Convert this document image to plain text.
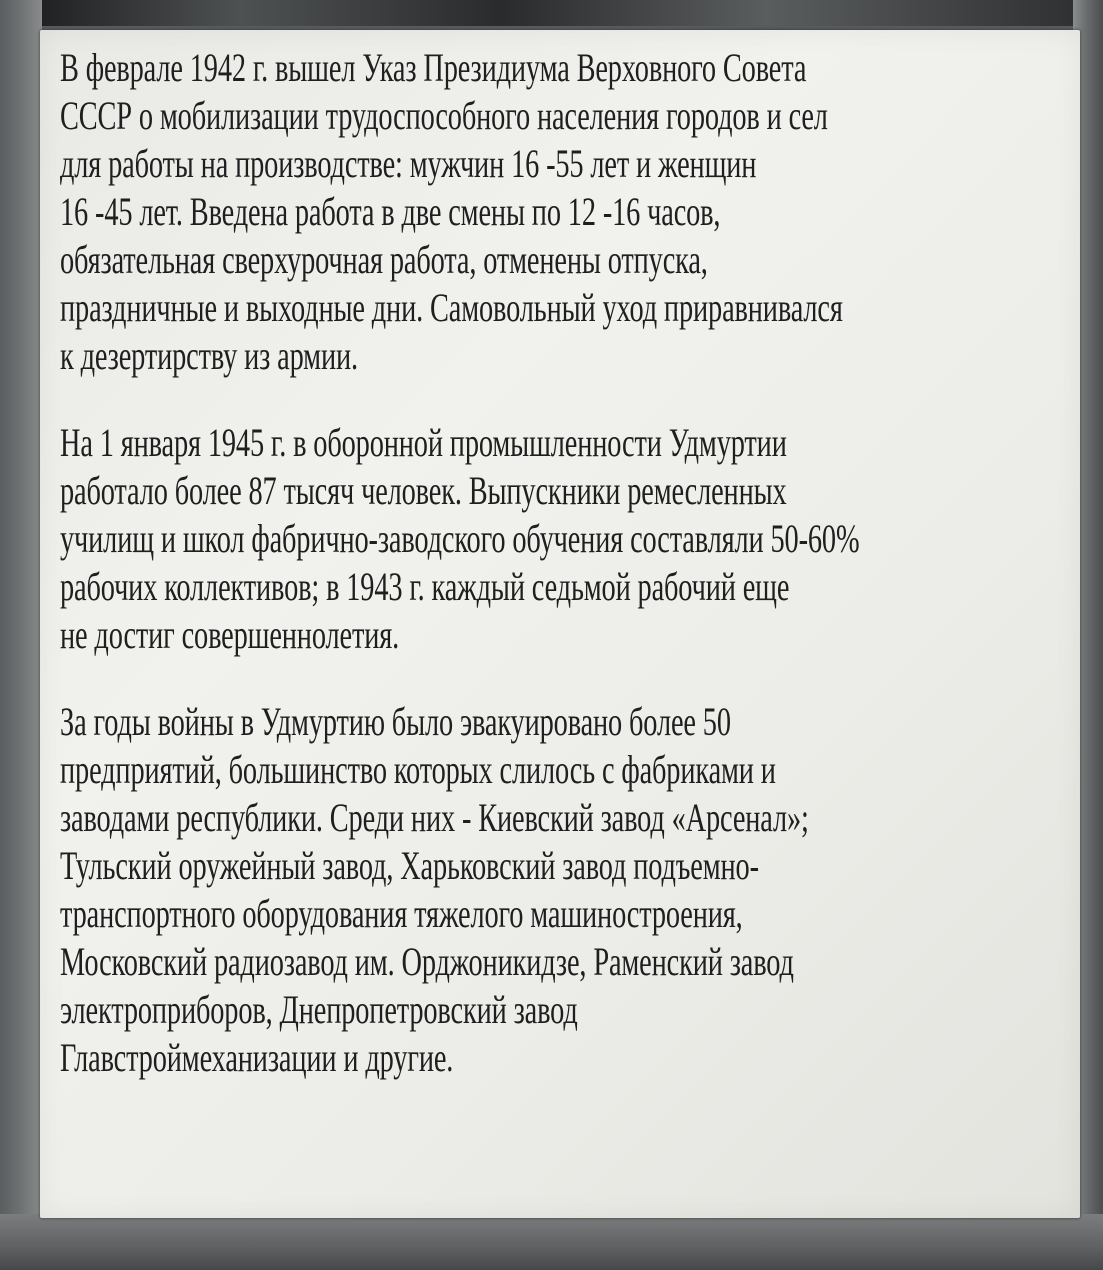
В феврале 1942 г. вышел Указ Президиума Верховного Совета
СССР о мобилизации трудоспособного населения городов и сел
для работы на производстве: мужчин 16 -55 лет и женщин
16 -45 лет. Введена работа в две смены по 12 -16 часов,
обязательная сверхурочная работа, отменены отпуска,
праздничные и выходные дни. Самовольный уход приравнивался
к дезертирству из армии.
На 1 января 1945 г. в оборонной промышленности Удмуртии
работало более 87 тысяч человек. Выпускники ремесленных
училищ и школ фабрично-заводского обучения составляли 50-60%
рабочих коллективов; в 1943 г. каждый седьмой рабочий еще
не достиг совершеннолетия.
За годы войны в Удмуртию было эвакуировано более 50
предприятий, большинство которых слилось с фабриками и
заводами республики. Среди них - Киевский завод «Арсенал»;
Тульский оружейный завод, Харьковский завод подъемно-
транспортного оборудования тяжелого машиностроения,
Московский радиозавод им. Орджоникидзе, Раменский завод
электроприборов, Днепропетровский завод
Главстроймеханизации и другие.
